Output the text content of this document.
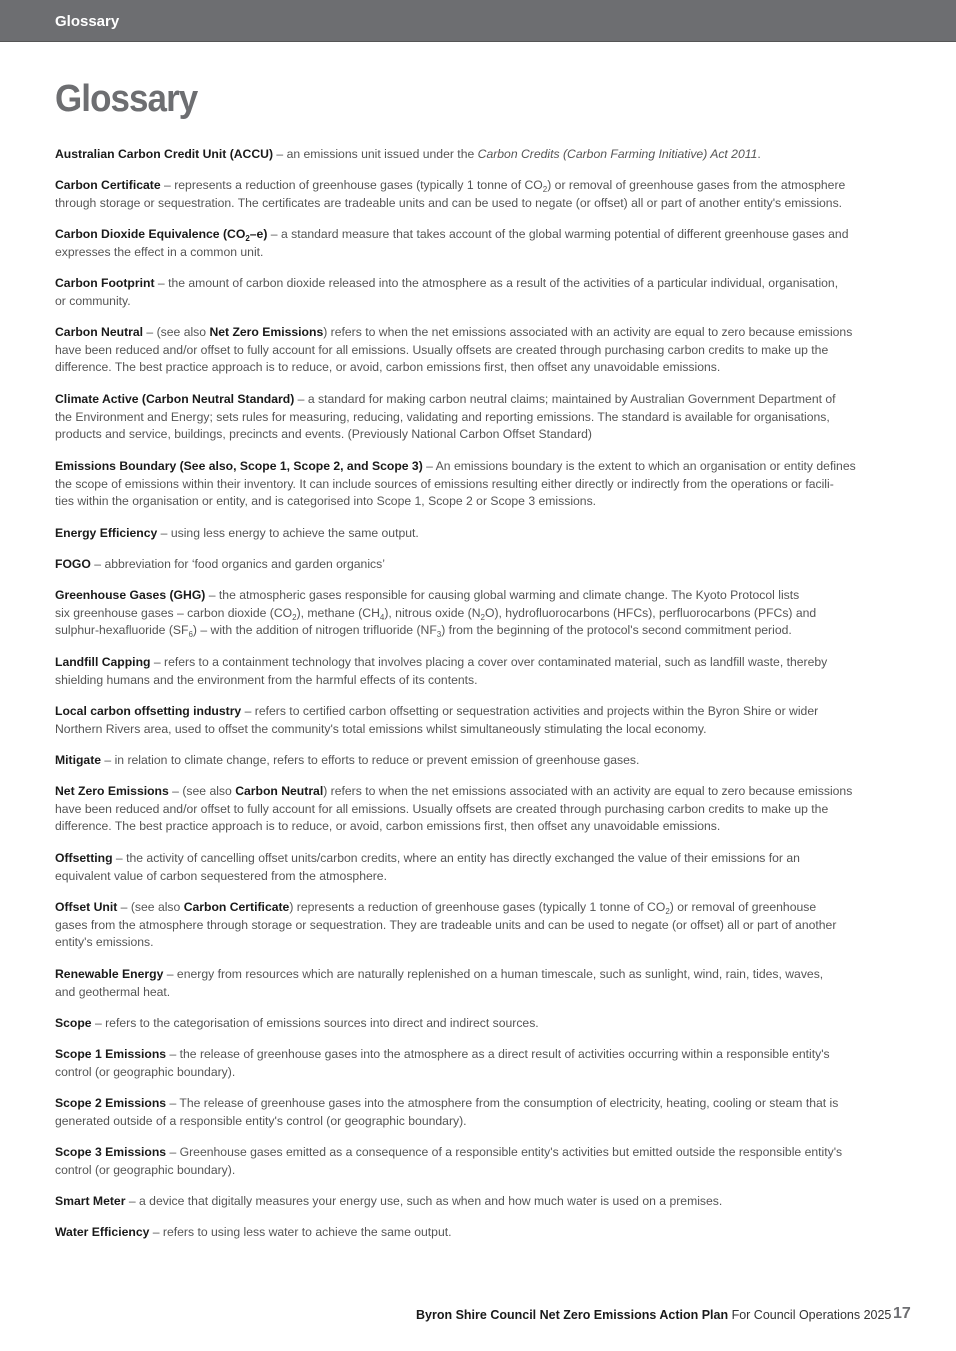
Glossary
Glossary

Australian Carbon Credit Unit (ACCU) – an emissions unit issued under the Carbon Credits (Carbon Farming Initiative) Act 2011.

Carbon Certificate – represents a reduction of greenhouse gases (typically 1 tonne of $CO_2$) or removal of greenhouse gases from the atmosphere
through storage or sequestration. The certificates are tradeable units and can be used to negate (or offset) all or part of another entity's emissions.

Carbon Dioxide Equivalence $(CO_2-e)$ – a standard measure that takes account of the global warming potential of different greenhouse gases and
expresses the effect in a common unit.

Carbon Footprint – the amount of carbon dioxide released into the atmosphere as a result of the activities of a particular individual, organisation,
or community.

Carbon Neutral – (see also Net Zero Emissions) refers to when the net emissions associated with an activity are equal to zero because emissions
have been reduced and/or offset to fully account for all emissions. Usually offsets are created through purchasing carbon credits to make up the
difference. The best practice approach is to reduce, or avoid, carbon emissions first, then offset any unavoidable emissions.

Climate Active (Carbon Neutral Standard) – a standard for making carbon neutral claims; maintained by Australian Government Department of
the Environment and Energy; sets rules for measuring, reducing, validating and reporting emissions. The standard is available for organisations,
products and service, buildings, precincts and events. (Previously National Carbon Offset Standard)

Emissions Boundary (See also, Scope 1, Scope 2, and Scope 3) – An emissions boundary is the extent to which an organisation or entity defines
the scope of emissions within their inventory. It can include sources of emissions resulting either directly or indirectly from the operations or facili-
ties within the organisation or entity, and is categorised into Scope 1, Scope 2 or Scope 3 emissions.

Energy Efficiency – using less energy to achieve the same output.

FOGO – abbreviation for ‘food organics and garden organics’

Greenhouse Gases (GHG) – the atmospheric gases responsible for causing global warming and climate change. The Kyoto Protocol lists
six greenhouse gases – carbon dioxide $(CO_2)$, methane $(CH_4)$, nitrous oxide $(N_2O)$, hydrofluorocarbons (HFCs), perfluorocarbons (PFCs) and
sulphur-hexafluoride $(SF_6)$ – with the addition of nitrogen trifluoride $(NF_3)$ from the beginning of the protocol's second commitment period.

Landfill Capping – refers to a containment technology that involves placing a cover over contaminated material, such as landfill waste, thereby
shielding humans and the environment from the harmful effects of its contents.

Local carbon offsetting industry – refers to certified carbon offsetting or sequestration activities and projects within the Byron Shire or wider
Northern Rivers area, used to offset the community's total emissions whilst simultaneously stimulating the local economy.

Mitigate – in relation to climate change, refers to efforts to reduce or prevent emission of greenhouse gases.

Net Zero Emissions – (see also Carbon Neutral) refers to when the net emissions associated with an activity are equal to zero because emissions
have been reduced and/or offset to fully account for all emissions. Usually offsets are created through purchasing carbon credits to make up the
difference. The best practice approach is to reduce, or avoid, carbon emissions first, then offset any unavoidable emissions.

Offsetting – the activity of cancelling offset units/carbon credits, where an entity has directly exchanged the value of their emissions for an
equivalent value of carbon sequestered from the atmosphere.

Offset Unit – (see also Carbon Certificate) represents a reduction of greenhouse gases (typically 1 tonne of $CO_2$) or removal of greenhouse
gases from the atmosphere through storage or sequestration. They are tradeable units and can be used to negate (or offset) all or part of another
entity's emissions.

Renewable Energy – energy from resources which are naturally replenished on a human timescale, such as sunlight, wind, rain, tides, waves,
and geothermal heat.

Scope – refers to the categorisation of emissions sources into direct and indirect sources.

Scope 1 Emissions – the release of greenhouse gases into the atmosphere as a direct result of activities occurring within a responsible entity's
control (or geographic boundary).

Scope 2 Emissions – The release of greenhouse gases into the atmosphere from the consumption of electricity, heating, cooling or steam that is
generated outside of a responsible entity's control (or geographic boundary).

Scope 3 Emissions – Greenhouse gases emitted as a consequence of a responsible entity's activities but emitted outside the responsible entity's
control (or geographic boundary).

Smart Meter – a device that digitally measures your energy use, such as when and how much water is used on a premises.

Water Efficiency – refers to using less water to achieve the same output.

Byron Shire Council Net Zero Emissions Action Plan For Council Operations 2025 17
